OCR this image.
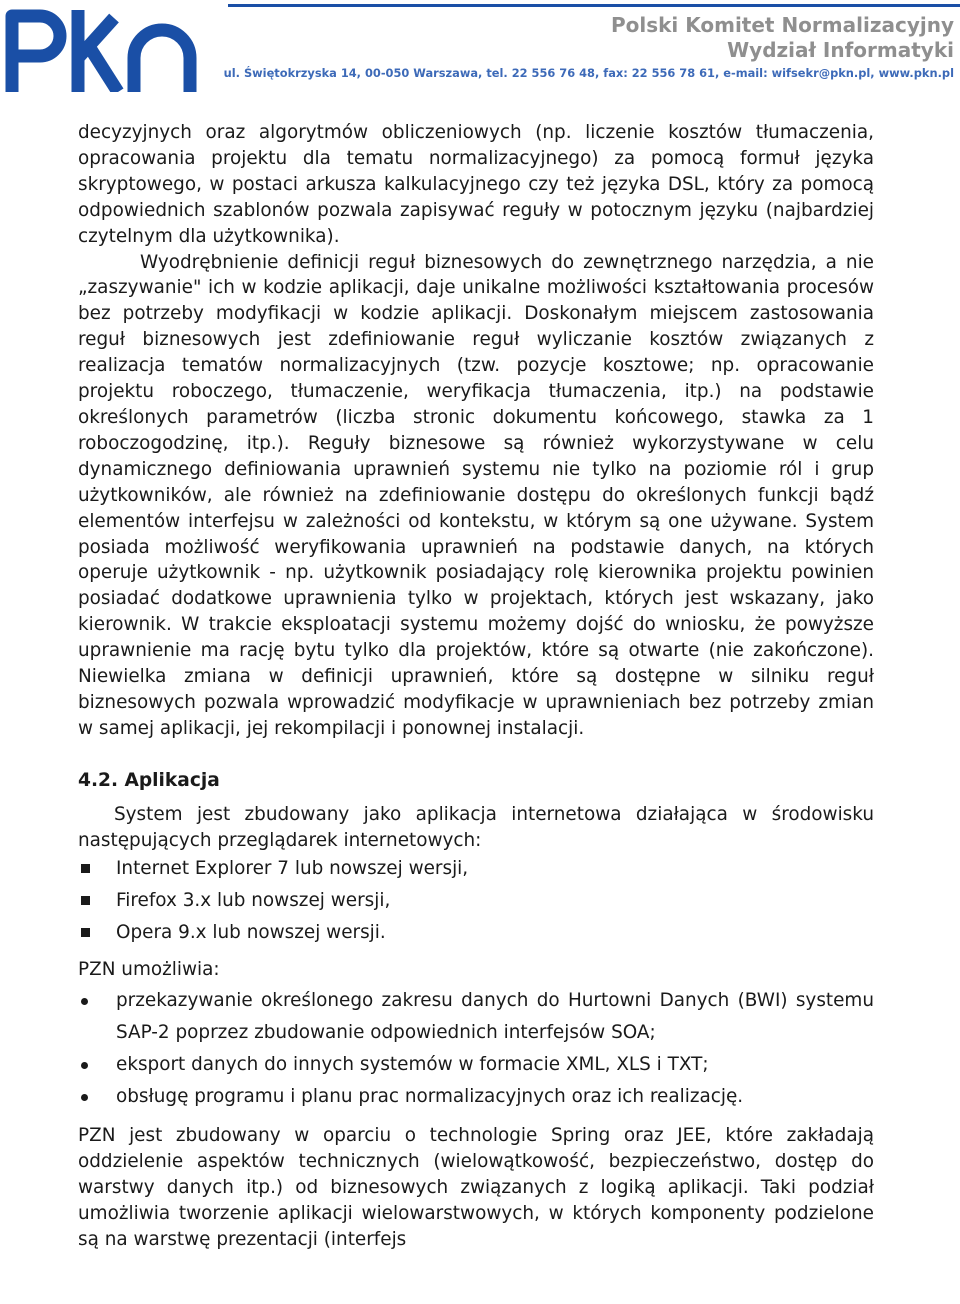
Polski Komitet Normalizacyjny
Wydział Informatyki
ul. Świętokrzyska 14, 00-050 Warszawa, tel. 22 556 76 48, fax: 22 556 78 61, e-mail: wifsekr@pkn.pl, www.pkn.pl

decyzyjnych oraz algorytmów obliczeniowych (np. liczenie kosztów tłumaczenia, opracowania projektu dla tematu normalizacyjnego) za pomocą formuł języka skryptowego, w postaci arkusza kalkulacyjnego czy też języka DSL, który za pomocą odpowiednich szablonów pozwala zapisywać reguły w potocznym języku (najbardziej czytelnym dla użytkownika).

Wyodrębnienie definicji reguł biznesowych do zewnętrznego narzędzia, a nie „zaszywanie" ich w kodzie aplikacji, daje unikalne możliwości kształtowania procesów bez potrzeby modyfikacji w kodzie aplikacji. Doskonałym miejscem zastosowania reguł biznesowych jest zdefiniowanie reguł wyliczanie kosztów związanych z realizacja tematów normalizacyjnych (tzw. pozycje kosztowe; np. opracowanie projektu roboczego, tłumaczenie, weryfikacja tłumaczenia, itp.) na podstawie określonych parametrów (liczba stronic dokumentu końcowego, stawka za 1 roboczogodzinę, itp.). Reguły biznesowe są również wykorzystywane w celu dynamicznego definiowania uprawnień systemu nie tylko na poziomie ról i grup użytkowników, ale również na zdefiniowanie dostępu do określonych funkcji bądź elementów interfejsu w zależności od kontekstu, w którym są one używane. System posiada możliwość weryfikowania uprawnień na podstawie danych, na których operuje użytkownik - np. użytkownik posiadający rolę kierownika projektu powinien posiadać dodatkowe uprawnienia tylko w projektach, których jest wskazany, jako kierownik. W trakcie eksploatacji systemu możemy dojść do wniosku, że powyższe uprawnienie ma rację bytu tylko dla projektów, które są otwarte (nie zakończone). Niewielka zmiana w definicji uprawnień, które są dostępne w silniku reguł biznesowych pozwala wprowadzić modyfikacje w uprawnieniach bez potrzeby zmian w samej aplikacji, jej rekompilacji i ponownej instalacji.

4.2. Aplikacja

System jest zbudowany jako aplikacja internetowa działająca w środowisku następujących przeglądarek internetowych:

Internet Explorer 7 lub nowszej wersji,
Firefox 3.x lub nowszej wersji,
Opera 9.x lub nowszej wersji.

PZN umożliwia:

przekazywanie określonego zakresu danych do Hurtowni Danych (BWI) systemu SAP-2 poprzez zbudowanie odpowiednich interfejsów SOA;
eksport danych do innych systemów w formacie XML, XLS i TXT;
obsługę programu i planu prac normalizacyjnych oraz ich realizację.

PZN jest zbudowany w oparciu o technologie Spring oraz JEE, które zakładają oddzielenie aspektów technicznych (wielowątkowość, bezpieczeństwo, dostęp do warstwy danych itp.) od biznesowych związanych z logiką aplikacji. Taki podział umożliwia tworzenie aplikacji wielowarstwowych, w których komponenty podzielone są na warstwę prezentacji (interfejs
